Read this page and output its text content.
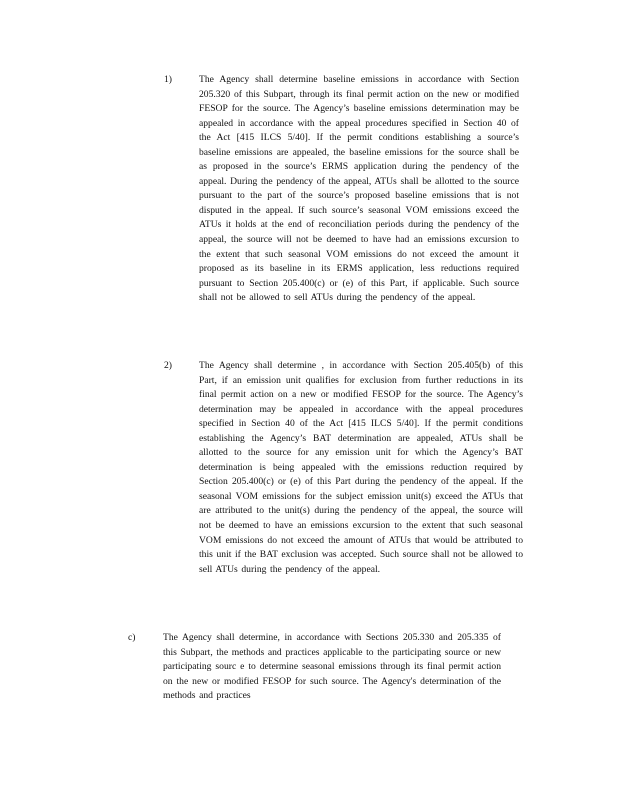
1)	The Agency shall determine baseline emissions in accordance with Section 205.320 of this Subpart, through its final permit action on the new or modified FESOP for the source. The Agency’s baseline emissions determination may be appealed in accordance with the appeal procedures specified in Section 40 of the Act [415 ILCS 5/40]. If the permit conditions establishing a source’s baseline emissions are appealed, the baseline emissions for the source shall be as proposed in the source’s ERMS application during the pendency of the appeal. During the pendency of the appeal, ATUs shall be allotted to the source pursuant to the part of the source’s proposed baseline emissions that is not disputed in the appeal. If such source’s seasonal VOM emissions exceed the ATUs it holds at the end of reconciliation periods during the pendency of the appeal, the source will not be deemed to have had an emissions excursion to the extent that such seasonal VOM emissions do not exceed the amount it proposed as its baseline in its ERMS application, less reductions required pursuant to Section 205.400(c) or (e) of this Part, if applicable. Such source shall not be allowed to sell ATUs during the pendency of the appeal.
2)	The Agency shall determine , in accordance with Section 205.405(b) of this Part, if an emission unit qualifies for exclusion from further reductions in its final permit action on a new or modified FESOP for the source. The Agency’s determination may be appealed in accordance with the appeal procedures specified in Section 40 of the Act [415 ILCS 5/40]. If the permit conditions establishing the Agency’s BAT determination are appealed, ATUs shall be allotted to the source for any emission unit for which the Agency’s BAT determination is being appealed with the emissions reduction required by Section 205.400(c) or (e) of this Part during the pendency of the appeal. If the seasonal VOM emissions for the subject emission unit(s) exceed the ATUs that are attributed to the unit(s) during the pendency of the appeal, the source will not be deemed to have an emissions excursion to the extent that such seasonal VOM emissions do not exceed the amount of ATUs that would be attributed to this unit if the BAT exclusion was accepted. Such source shall not be allowed to sell ATUs during the pendency of the appeal.
c)	The Agency shall determine, in accordance with Sections 205.330 and 205.335 of this Subpart, the methods and practices applicable to the participating source or new participating sourc e to determine seasonal emissions through its final permit action on the new or modified FESOP for such source. The Agency's determination of the methods and practices
